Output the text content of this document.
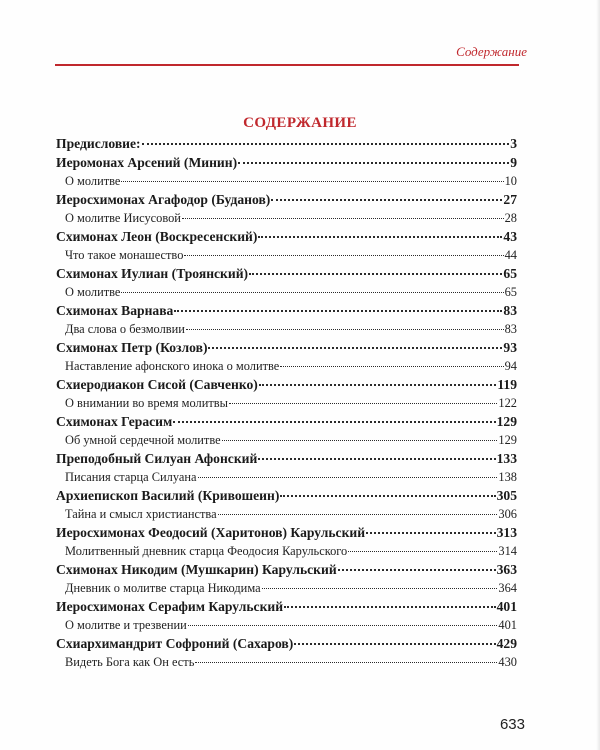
Содержание
СОДЕРЖАНИЕ
Предисловие:	3
Иеромонах Арсений (Минин)	9
О молитве	10
Иеросхимонах Агафодор (Буданов)	27
О молитве Иисусовой	28
Схимонах Леон (Воскресенский)	43
Что такое монашество	44
Схимонах Иулиан (Троянский)	65
О молитве	65
Схимонах Варнава	83
Два слова о безмолвии	83
Схимонах Петр (Козлов)	93
Наставление афонского инока о молитве	94
Схиеродиакон Сисой (Савченко)	119
О внимании во время молитвы	122
Схимонах Герасим	129
Об умной сердечной молитве	129
Преподобный Силуан Афонский	133
Писания старца Силуана	138
Архиепископ Василий (Кривошеин)	305
Тайна и смысл христианства	306
Иеросхимонах Феодосий (Харитонов) Карульский	313
Молитвенный дневник старца Феодосия Карульского	314
Схимонах Никодим (Мушкарин) Карульский	363
Дневник о молитве старца Никодима	364
Иеросхимонах Серафим Карульский	401
О молитве и трезвении	401
Схиархимандрит Софроний (Сахаров)	429
Видеть Бога как Он есть	430
633
